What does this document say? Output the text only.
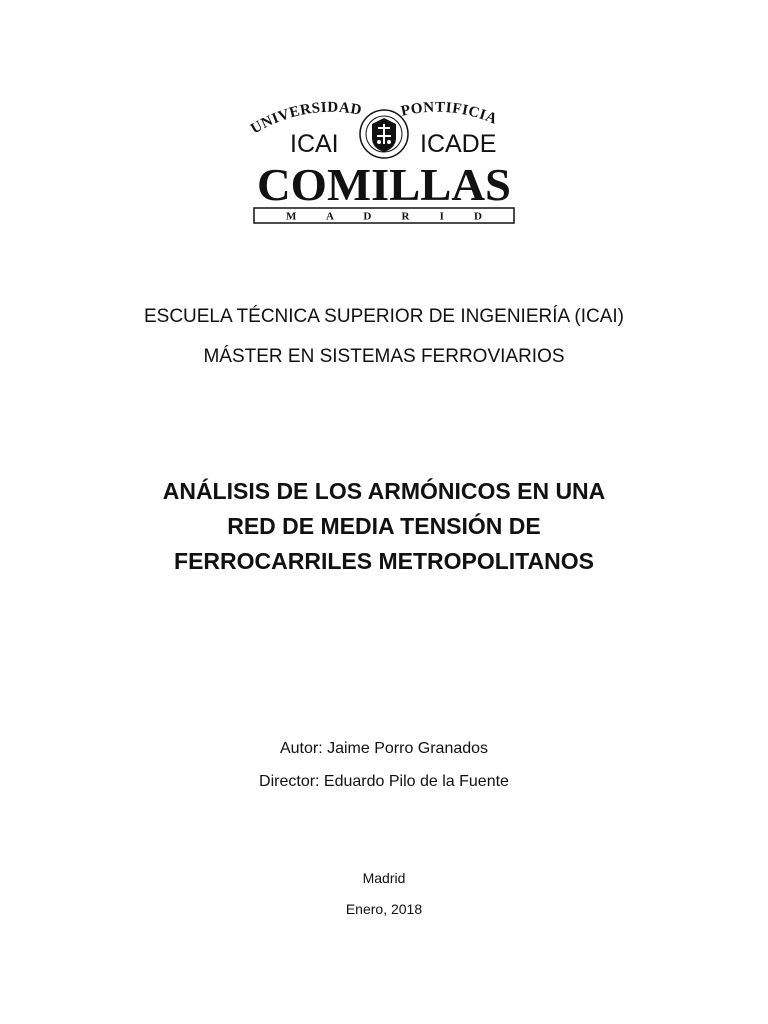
UNIVERSIDAD PONTIFICIA
ICAI	ICADE
COMILLAS
M A D R I D
ESCUELA TÉCNICA SUPERIOR DE INGENIERÍA (ICAI)
MÁSTER EN SISTEMAS FERROVIARIOS
ANÁLISIS DE LOS ARMÓNICOS EN UNA
RED DE MEDIA TENSIÓN DE
FERROCARRILES METROPOLITANOS
Autor: Jaime Porro Granados
Director: Eduardo Pilo de la Fuente
Madrid
Enero, 2018
